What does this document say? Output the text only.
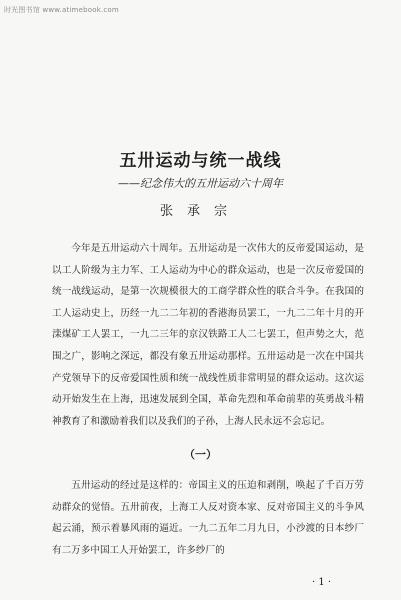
时光图书馆 www.atimebook.com
五卅运动与统一战线
——纪念伟大的五卅运动六十周年
张承宗
今年是五卅运动六十周年。五卅运动是一次伟大的反帝爱国运动，是以工人阶级为主力军、工人运动为中心的群众运动，也是一次反帝爱国的统一战线运动，是第一次规模很大的工商学群众性的联合斗争。在我国的工人运动史上，历经一九二二年初的香港海员罢工，一九二二年十月的开滦煤矿工人罢工，一九二三年的京汉铁路工人二七罢工，但声势之大，范围之广，影响之深远，都没有象五卅运动那样。五卅运动是一次在中国共产党领导下的反帝爱国性质和统一战线性质非常明显的群众运动。这次运动开始发生在上海，迅速发展到全国，革命先烈和革命前辈的英勇战斗精神教育了和激励着我们以及我们的子孙，上海人民永远不会忘记。
（一）
五卅运动的经过是这样的：帝国主义的压迫和剥削，唤起了千百万劳动群众的觉悟。五卅前夜，上海工人反对资本家、反对帝国主义的斗争风起云涌，预示着暴风雨的逼近。一九二五年二月九日，小沙渡的日本纱厂有二万多中国工人开始罢工，许多纱厂的
· 1 ·
